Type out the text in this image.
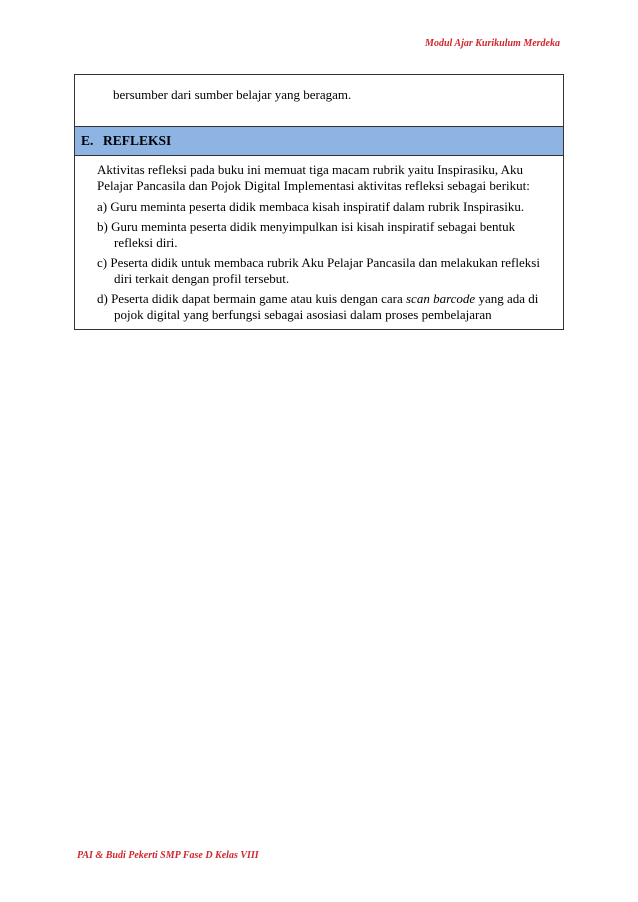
Modul Ajar Kurikulum Merdeka
bersumber dari sumber belajar yang beragam.
E. REFLEKSI

Aktivitas refleksi pada buku ini memuat tiga macam rubrik yaitu Inspirasiku, Aku Pelajar Pancasila dan Pojok Digital Implementasi aktivitas refleksi sebagai berikut:

a) Guru meminta peserta didik membaca kisah inspiratif dalam rubrik Inspirasiku.

b) Guru meminta peserta didik menyimpulkan isi kisah inspiratif sebagai bentuk refleksi diri.

c) Peserta didik untuk membaca rubrik Aku Pelajar Pancasila dan melakukan refleksi diri terkait dengan profil tersebut.

d) Peserta didik dapat bermain game atau kuis dengan cara scan barcode yang ada di pojok digital yang berfungsi sebagai asosiasi dalam proses pembelajaran

PAI & Budi Pekerti SMP Fase D Kelas VIII
